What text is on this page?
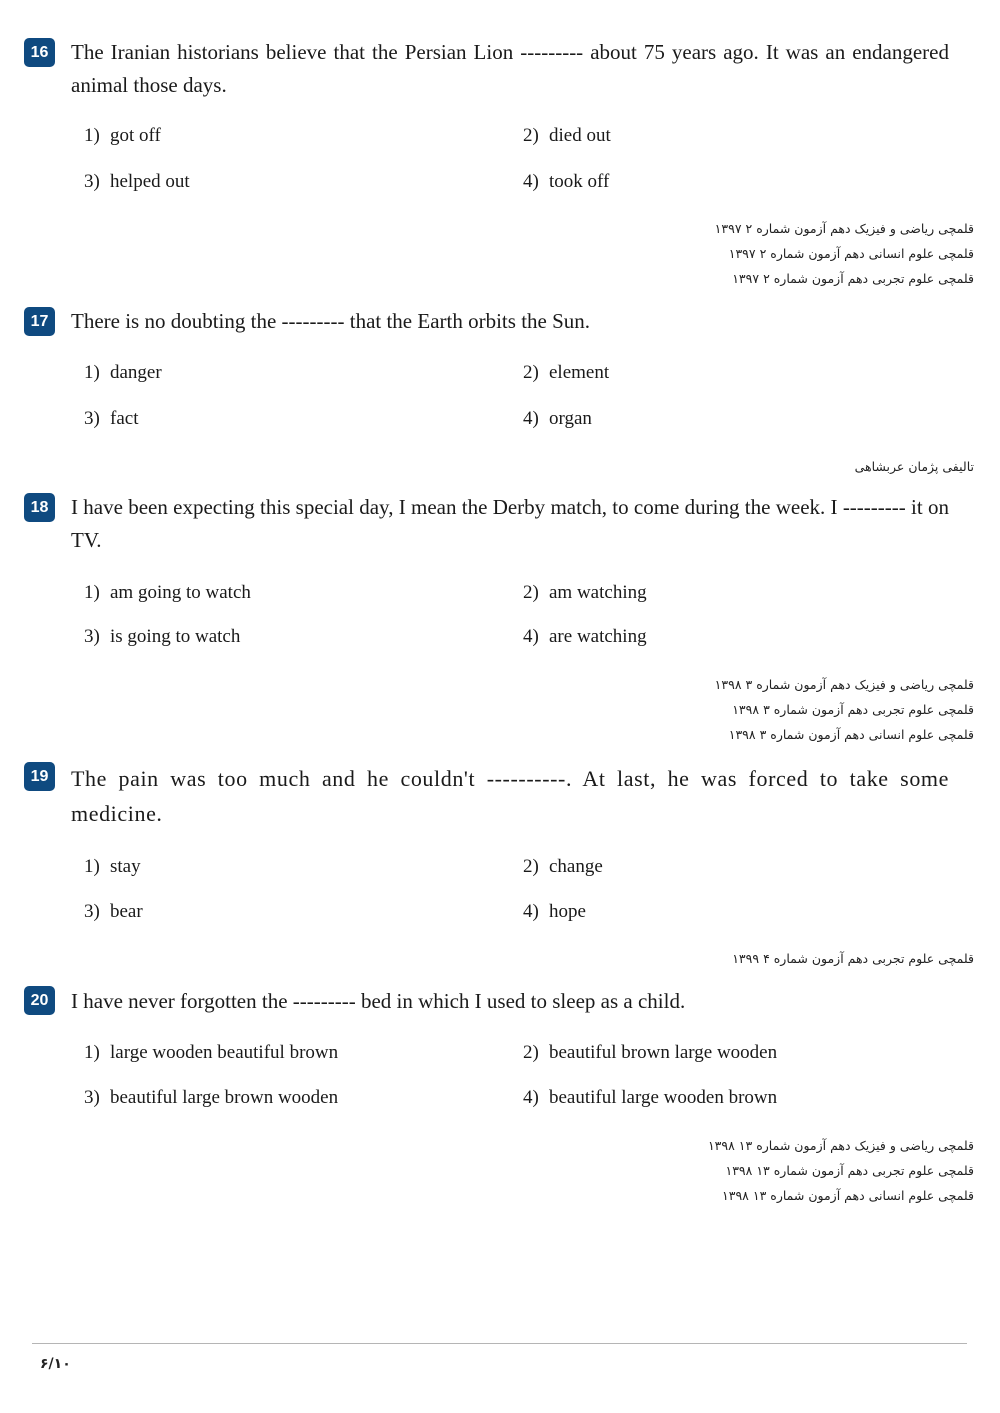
16	The Iranian historians believe that the Persian Lion --------- about 75 years ago. It was an endangered animal those days.
1) got off	2) died out
3) helped out	4) took off
قلمچی ریاضی و فیزیک دهم آزمون شماره ۲ ۱۳۹۷
قلمچی علوم انسانی دهم آزمون شماره ۲ ۱۳۹۷
قلمچی علوم تجربی دهم آزمون شماره ۲ ۱۳۹۷
17	There is no doubting the --------- that the Earth orbits the Sun.
1) danger	2) element
3) fact	4) organ
تالیفی پژمان عربشاهی
18	I have been expecting this special day, I mean the Derby match, to come during the week. I --------- it on TV.
1) am going to watch	2) am watching
3) is going to watch	4) are watching
قلمچی ریاضی و فیزیک دهم آزمون شماره ۳ ۱۳۹۸
قلمچی علوم تجربی دهم آزمون شماره ۳ ۱۳۹۸
قلمچی علوم انسانی دهم آزمون شماره ۳ ۱۳۹۸
19	The pain was too much and he couldn't ----------. At last, he was forced to take some medicine.
1) stay	2) change
3) bear	4) hope
قلمچی علوم تجربی دهم آزمون شماره ۴ ۱۳۹۹
20	I have never forgotten the --------- bed in which I used to sleep as a child.
1) large wooden beautiful brown	2) beautiful brown large wooden
3) beautiful large brown wooden	4) beautiful large wooden brown
قلمچی ریاضی و فیزیک دهم آزمون شماره ۱۳ ۱۳۹۸
قلمچی علوم تجربی دهم آزمون شماره ۱۳ ۱۳۹۸
قلمچی علوم انسانی دهم آزمون شماره ۱۳ ۱۳۹۸
۶/۱۰
